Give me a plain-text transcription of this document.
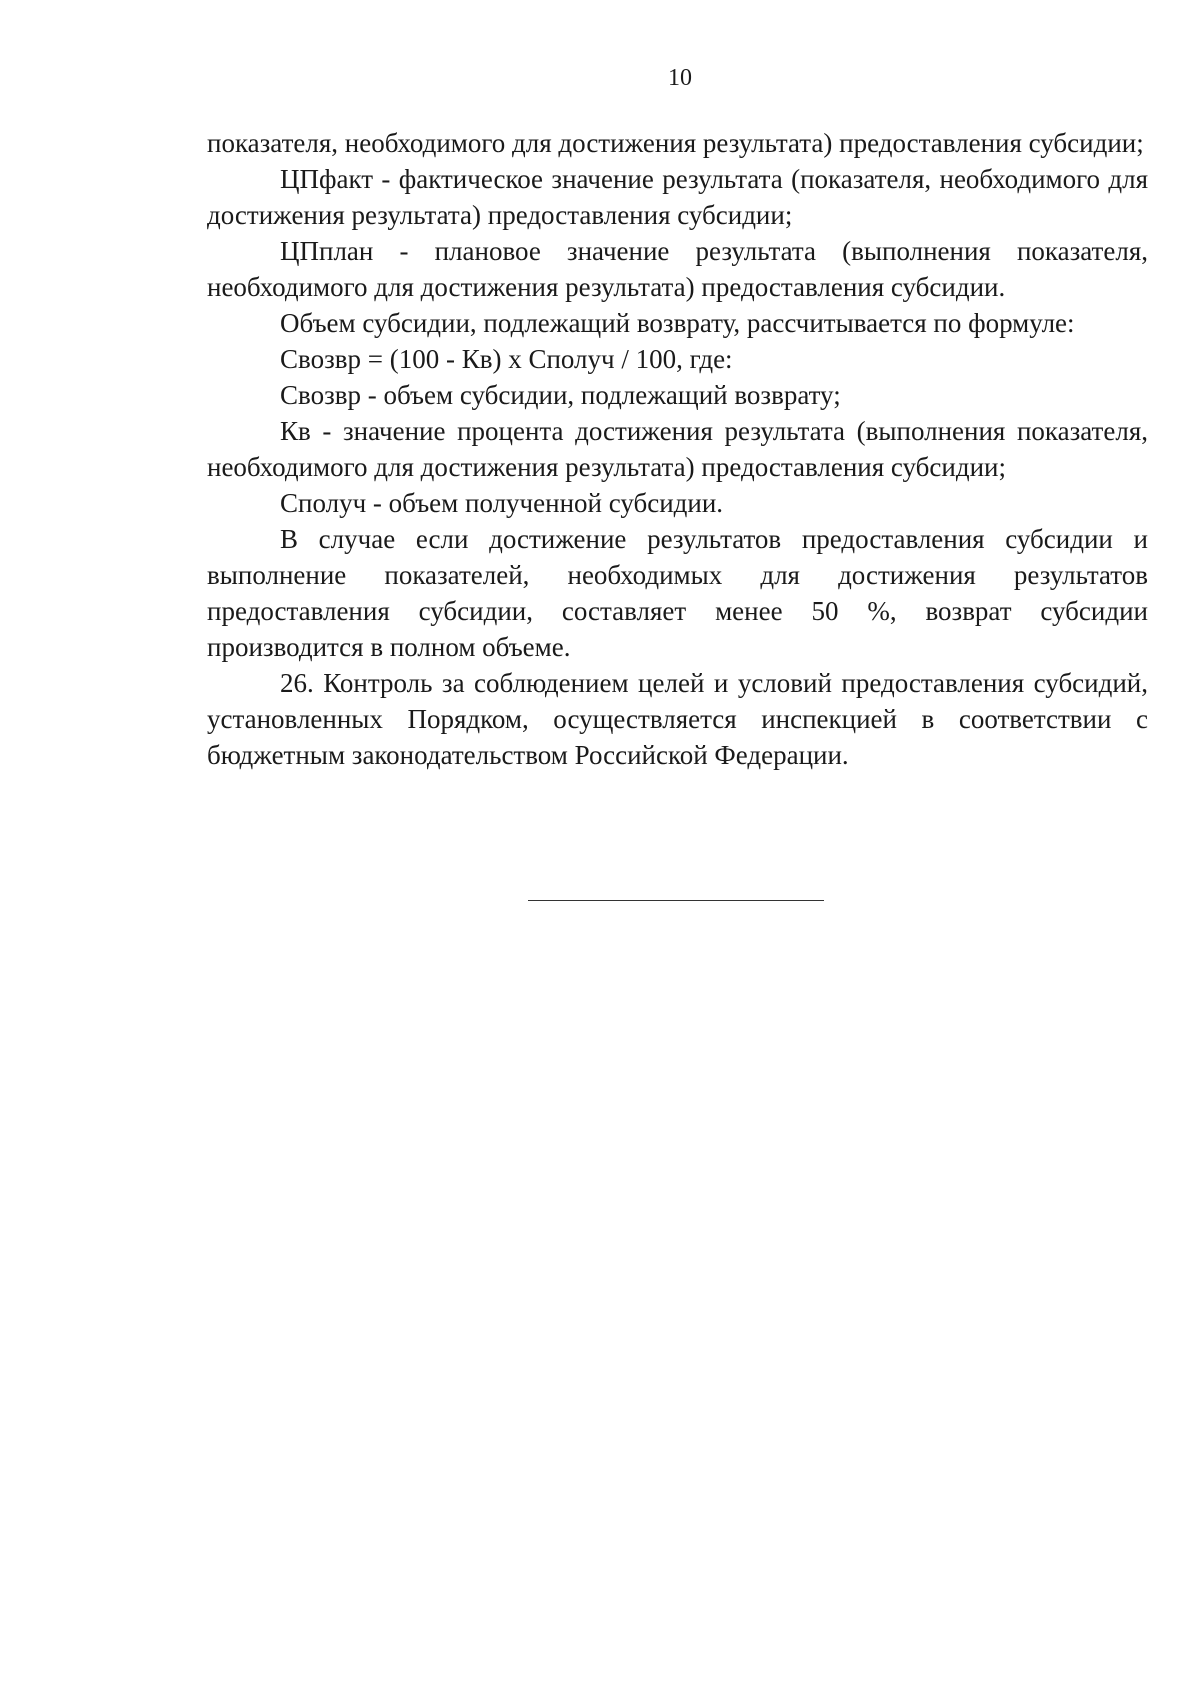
10

показателя, необходимого для достижения результата) предоставления субсидии;

ЦПфакт - фактическое значение результата (показателя, необходимого для достижения результата) предоставления субсидии;

ЦПплан - плановое значение результата (выполнения показателя, необходимого для достижения результата) предоставления субсидии.

Объем субсидии, подлежащий возврату, рассчитывается по формуле:

Свозвр = (100 - Кв) х Сполуч / 100, где:

Свозвр - объем субсидии, подлежащий возврату;

Кв - значение процента достижения результата (выполнения показателя, необходимого для достижения результата) предоставления субсидии;

Сполуч - объем полученной субсидии.

В случае если достижение результатов предоставления субсидии и выполнение показателей, необходимых для достижения результатов предоставления субсидии, составляет менее 50 %, возврат субсидии производится в полном объеме.

26. Контроль за соблюдением целей и условий предоставления субсидий, установленных Порядком, осуществляется инспекцией в соответствии с бюджетным законодательством Российской Федерации.
